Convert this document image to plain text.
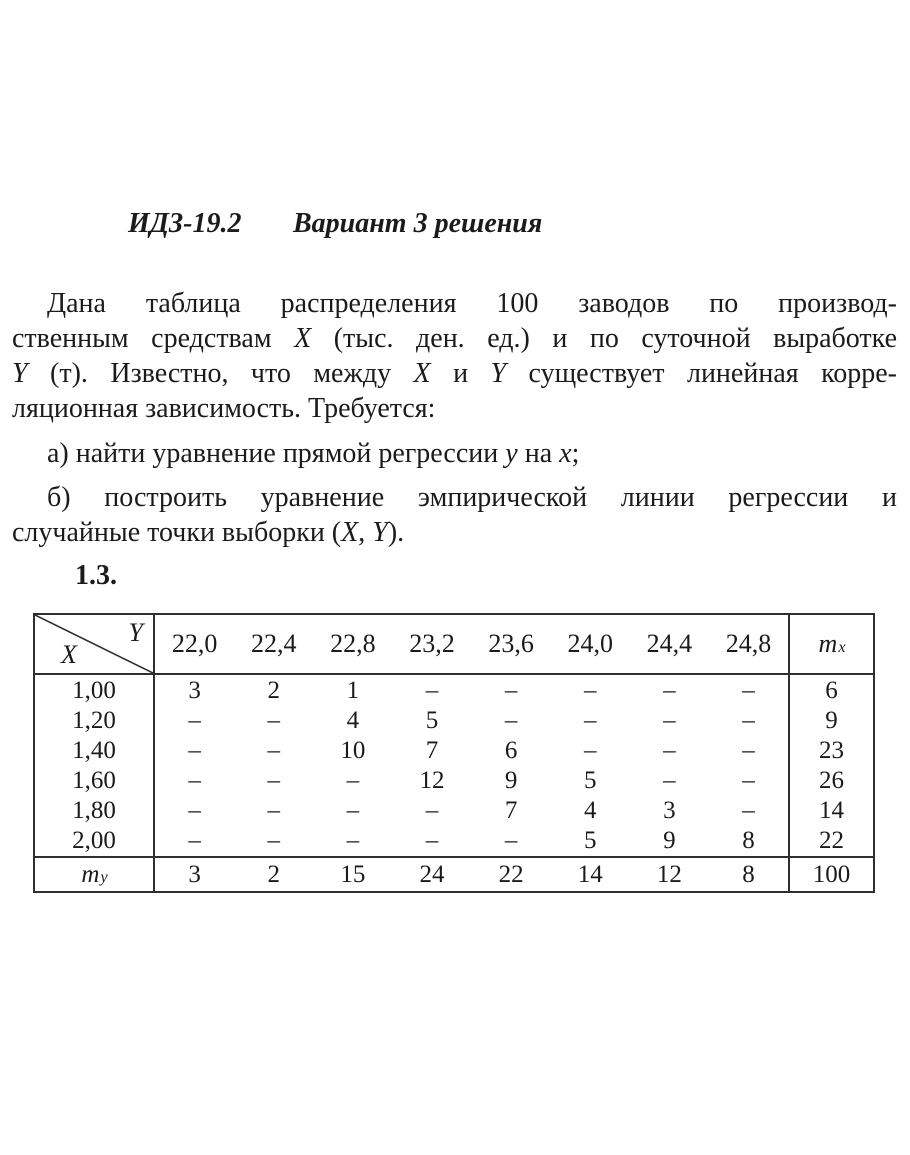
ИДЗ-19.2 Вариант 3 решения
Дана таблица распределения 100 заводов по производ-
ственным средствам X (тыс. ден. ед.) и по суточной выработке
Y (т). Известно, что между X и Y существует линейная корре-
ляционная зависимость. Требуется:
а) найти уравнение прямой регрессии y на x;
б) построить уравнение эмпирической линии регрессии и
случайные точки выборки (X, Y).
1.3.
Y
X	22,0	22,4	22,8	23,2	23,6	24,0	24,4	24,8	$m_x$
1,00	3	2	1	–	–	–	–	–	6
1,20	–	–	4	5	–	–	–	–	9
1,40	–	–	10	7	6	–	–	–	23
1,60	–	–	–	12	9	5	–	–	26
1,80	–	–	–	–	7	4	3	–	14
2,00	–	–	–	–	–	5	9	8	22
$m_y$	3	2	15	24	22	14	12	8	100
